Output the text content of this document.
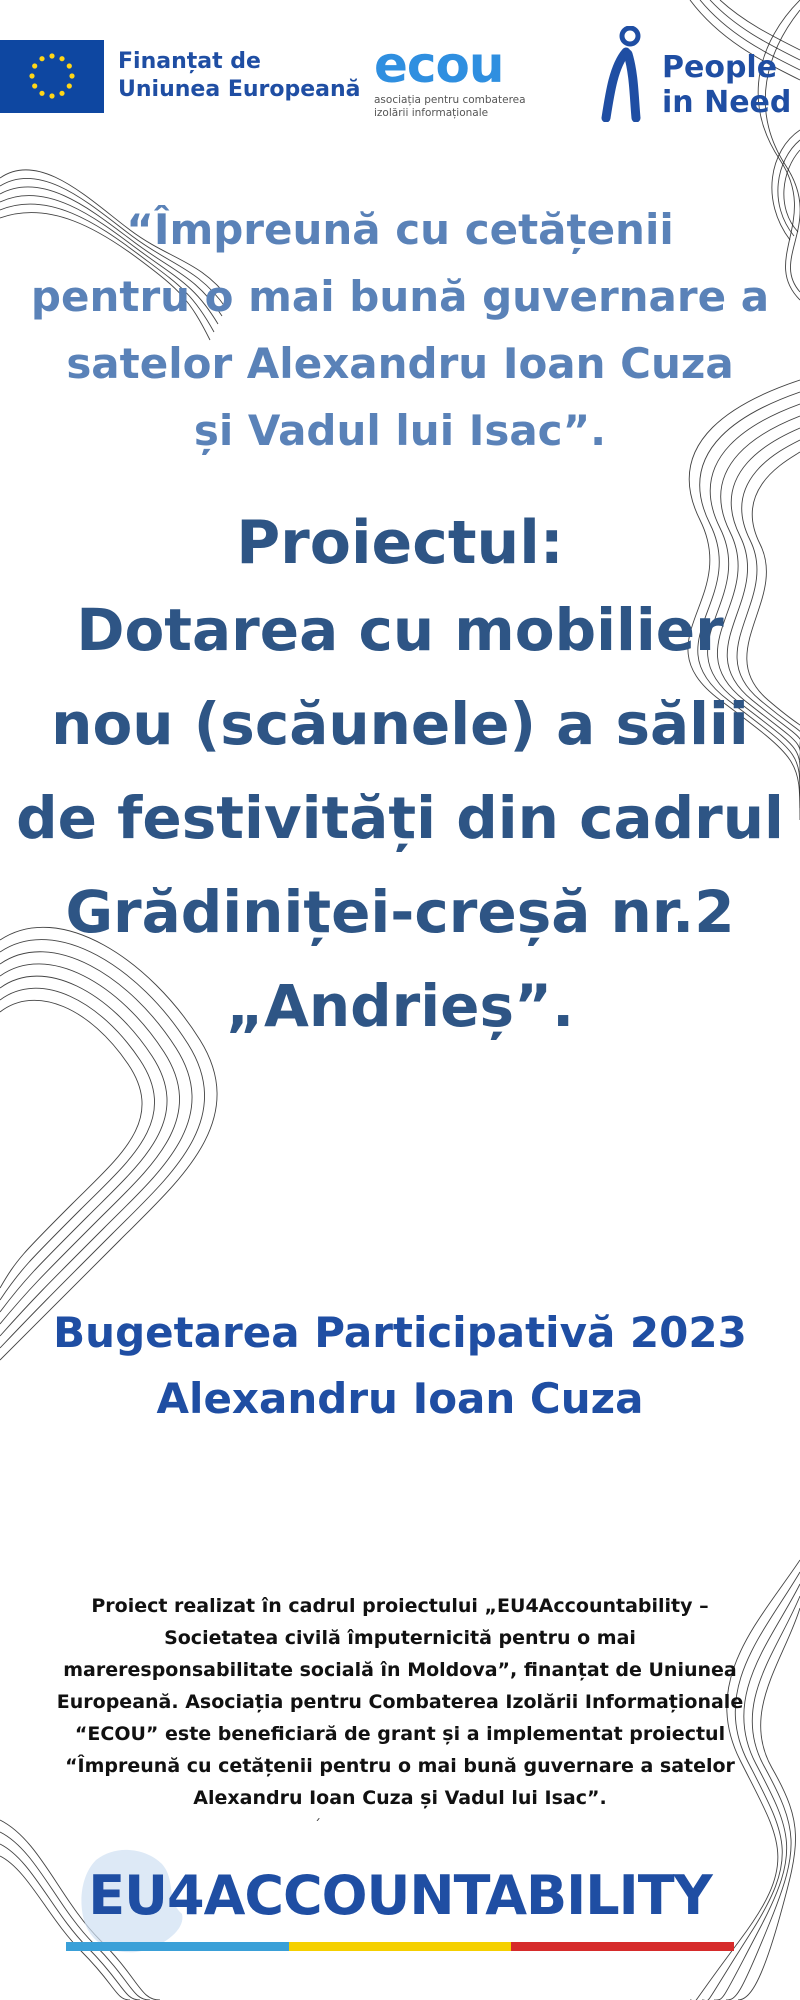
Finanțat de
Uniunea Europeană ecou
asociația pentru combaterea
izolării informaționale
People
in Need
“Împreună cu cetățenii
pentru o mai bună guvernare a
satelor Alexandru Ioan Cuza
și Vadul lui Isac”.
Proiectul:
Dotarea cu mobilier
nou (scăunele) a sălii
de festivități din cadrul
Grădiniței-creșă nr.2
„Andrieș”.
Bugetarea Participativă 2023
Alexandru Ioan Cuza
Proiect realizat în cadrul proiectului „EU4Accountability –
Societatea civilă împuternicită pentru o mai
mareresponsabilitate socială în Moldova”, finanțat de Uniunea
Europeană. Asociația pentru Combaterea Izolării Informaționale
“ECOU” este beneficiară de grant și a implementat proiectul
“Împreună cu cetățenii pentru o mai bună guvernare a satelor
Alexandru Ioan Cuza și Vadul lui Isac”.
´
EU4ACCOUNTABILITY
